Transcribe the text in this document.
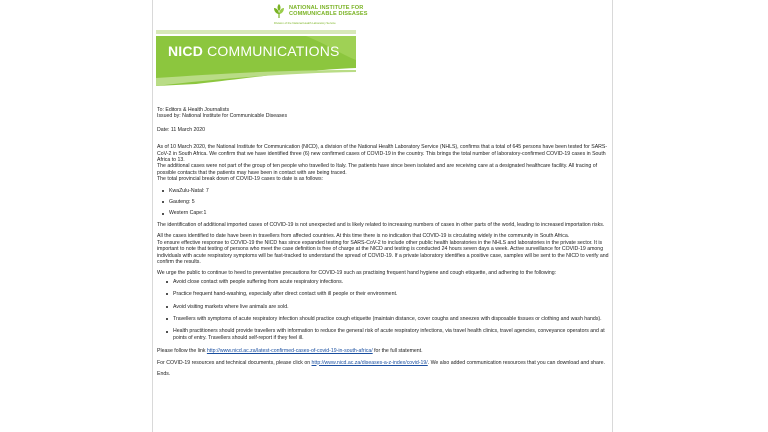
NATIONAL INSTITUTE FOR
COMMUNICABLE DISEASES
Division of the National Health Laboratory Service
NICD COMMUNICATIONS

To: Editors & Health Journalists

Issued by: National Institute for Communicable Diseases

Date: 11 March 2020

As of 10 March 2020, the National Institute for Communication (NICD), a division of the National Health Laboratory Service (NHLS), confirms that a total of 645 persons have been tested for SARS-CoV-2 in South Africa. We confirm that we have identified three (6) new confirmed cases of COVID-19 in the country. This brings the total number of laboratory-confirmed COVID-19 cases in South Africa to 13.

The additional cases were not part of the group of ten people who travelled to Italy. The patients have since been isolated and are receiving care at a designated healthcare facility. All tracing of possible contacts that the patients may have been in contact with are being traced.

The total provincial break down of COVID-19 cases to date is as follows:

KwaZulu-Natal: 7

Gauteng: 5

Western Cape:1

The identification of additional imported cases of COVID-19 is not unexpected and is likely related to increasing numbers of cases in other parts of the world, leading to increased importation risks.

All the cases identified to date have been in travellers from affected countries. At this time there is no indication that COVID-19 is circulating widely in the community in South Africa.

To ensure effective response to COVID-19 the NICD has since expanded testing for SARS-CoV-2 to include other public health laboratories in the NHLS and laboratories in the private sector. It is important to note that testing of persons who meet the case definition is free of charge at the NICD and testing is conducted 24 hours seven days a week. Active surveillance for COVID-19 among individuals with acute respiratory symptoms will be fast-tracked to understand the spread of COVID-19. If a private laboratory identifies a positive case, samples will be sent to the NICD to verify and confirm the results.

We urge the public to continue to heed to preventative precautions for COVID-19 such as practising frequent hand hygiene and cough etiquette, and adhering to the following:

Avoid close contact with people suffering from acute respiratory infections.

Practice frequent hand-washing, especially after direct contact with ill people or their environment.

Avoid visiting markets where live animals are sold.

Travellers with symptoms of acute respiratory infection should practice cough etiquette (maintain distance, cover coughs and sneezes with disposable tissues or clothing and wash hands).

Health practitioners should provide travellers with information to reduce the general risk of acute respiratory infections, via travel health clinics, travel agencies, conveyance operators and at points of entry. Travellers should self-report if they feel ill.

Please follow the link http://www.nicd.ac.za/latest-confirmed-cases-of-covid-19-in-south-africa/ for the full statement.

For COVID-19 resources and technical documents, please click on http://www.nicd.ac.za/diseases-a-z-index/covid-19/. We also added communication resources that you can download and share.

Ends.
